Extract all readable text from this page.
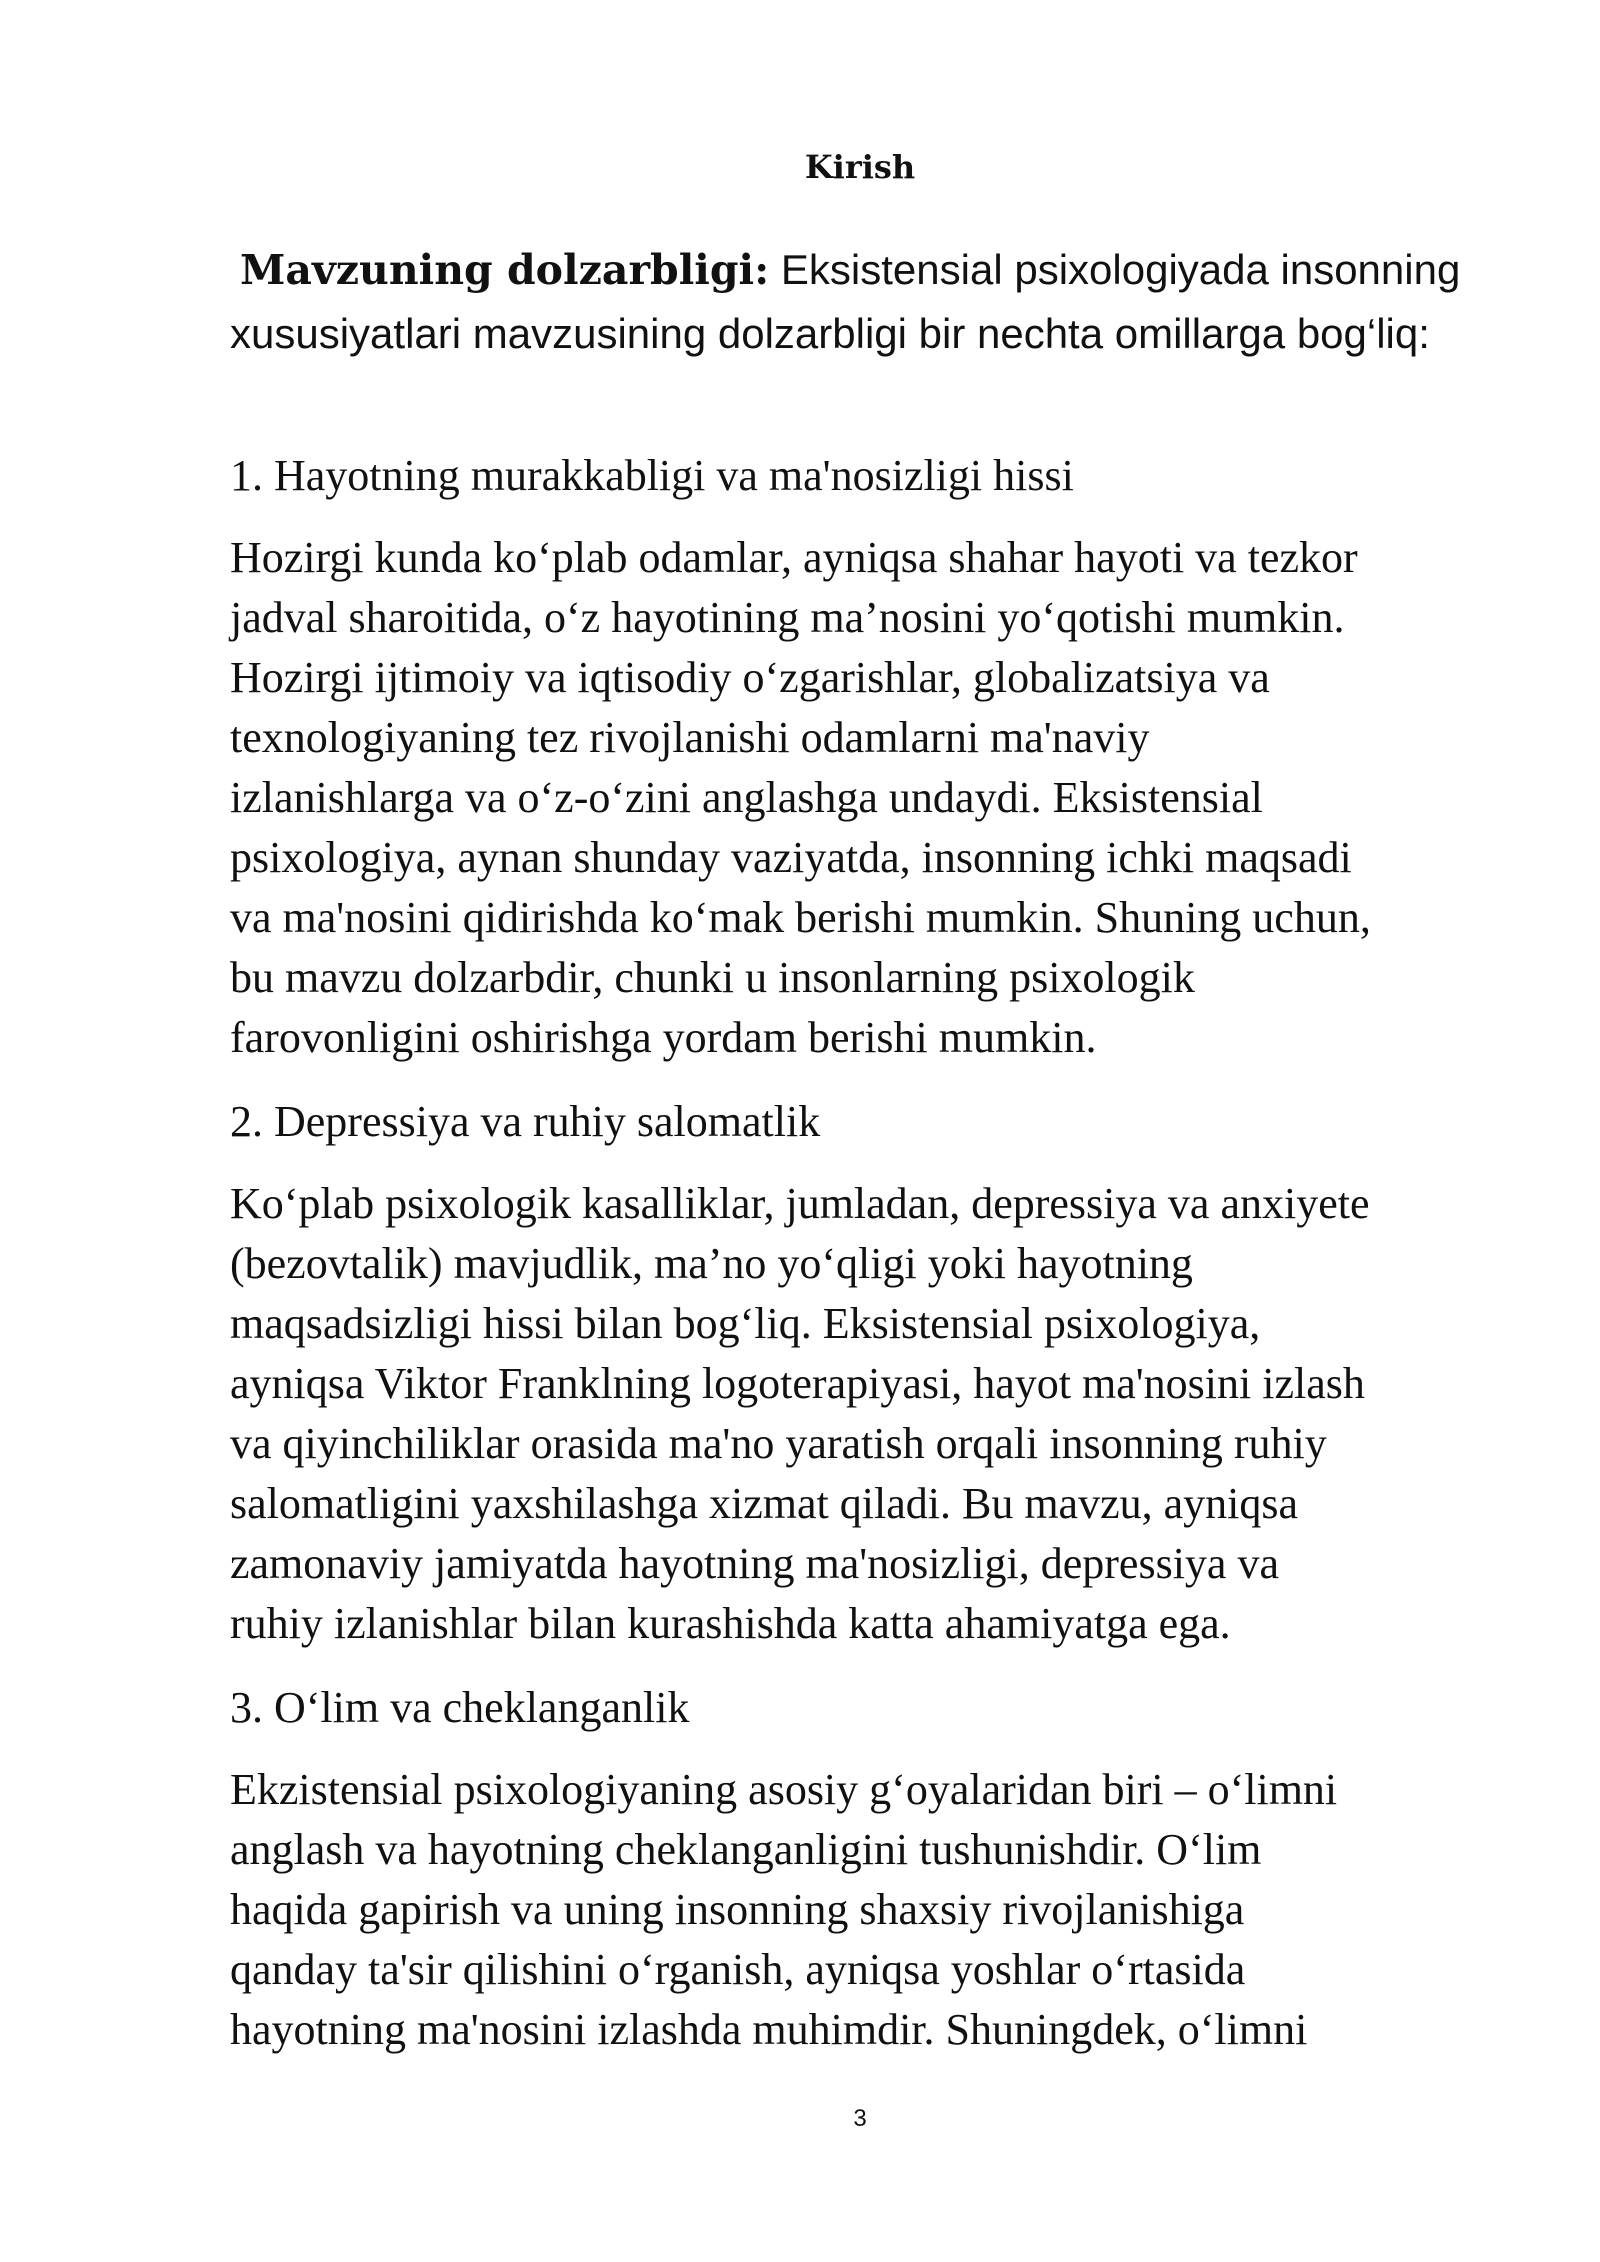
Kirish

Mavzuning dolzarbligi: Eksistensial psixologiyada insonning xususiyatlari mavzusining dolzarbligi bir nechta omillarga bog‘liq:

1. Hayotning murakkabligi va ma'nosizligi hissi
Hozirgi kunda ko‘plab odamlar, ayniqsa shahar hayoti va tezkor
jadval sharoitida, o‘z hayotining ma’nosini yo‘qotishi mumkin.
Hozirgi ijtimoiy va iqtisodiy o‘zgarishlar, globalizatsiya va
texnologiyaning tez rivojlanishi odamlarni ma'naviy
izlanishlarga va o‘z-o‘zini anglashga undaydi. Eksistensial
psixologiya, aynan shunday vaziyatda, insonning ichki maqsadi
va ma'nosini qidirishda ko‘mak berishi mumkin. Shuning uchun,
bu mavzu dolzarbdir, chunki u insonlarning psixologik
farovonligini oshirishga yordam berishi mumkin.
2. Depressiya va ruhiy salomatlik
Ko‘plab psixologik kasalliklar, jumladan, depressiya va anxiyete
(bezovtalik) mavjudlik, ma’no yo‘qligi yoki hayotning
maqsadsizligi hissi bilan bog‘liq. Eksistensial psixologiya,
ayniqsa Viktor Franklning logoterapiyasi, hayot ma'nosini izlash
va qiyinchiliklar orasida ma'no yaratish orqali insonning ruhiy
salomatligini yaxshilashga xizmat qiladi. Bu mavzu, ayniqsa
zamonaviy jamiyatda hayotning ma'nosizligi, depressiya va
ruhiy izlanishlar bilan kurashishda katta ahamiyatga ega.
3. O‘lim va cheklanganlik
Ekzistensial psixologiyaning asosiy g‘oyalaridan biri – o‘limni
anglash va hayotning cheklanganligini tushunishdir. O‘lim
haqida gapirish va uning insonning shaxsiy rivojlanishiga
qanday ta'sir qilishini o‘rganish, ayniqsa yoshlar o‘rtasida
hayotning ma'nosini izlashda muhimdir. Shuningdek, o‘limni
3
